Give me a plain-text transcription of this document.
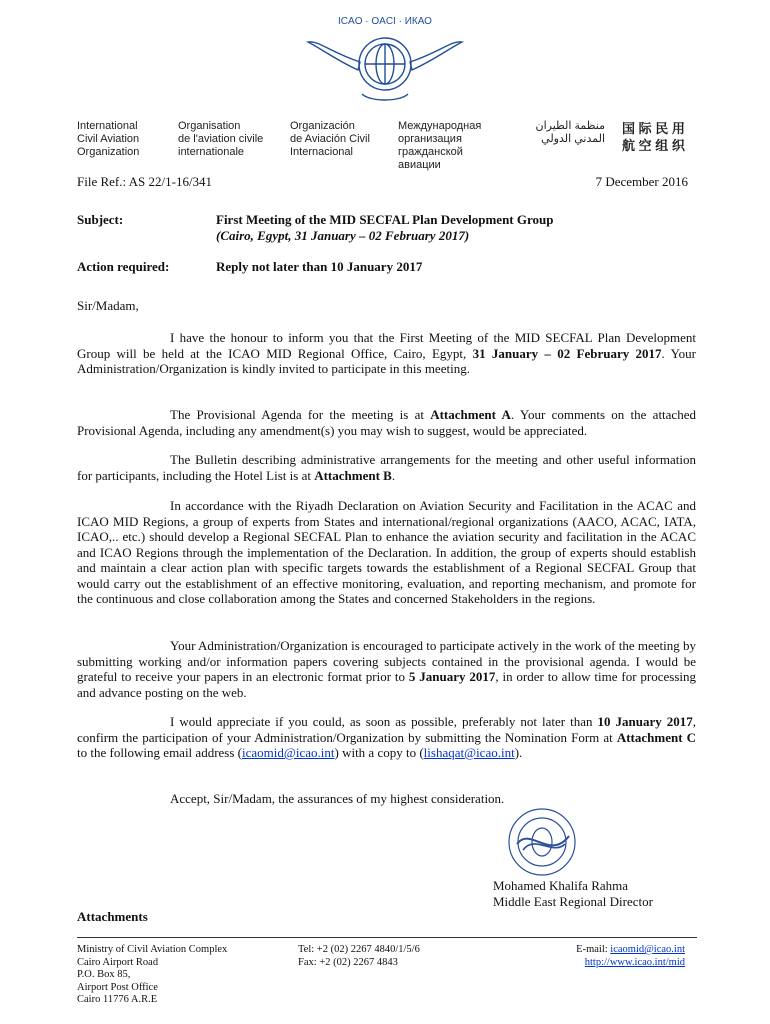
ICAO · OACI · ИКАО
International
Civil Aviation
Organization
Organisation
de l'aviation civile
internationale
Organización
de Aviación Civil
Internacional
Международная
организация
гражданской
авиации
منظمة الطيران
المدني الدولي
国 际 民 用
航 空 组 织
File Ref.: AS 22/1-16/341	7 December 2016
Subject:	First Meeting of the MID SECFAL Plan Development Group
(Cairo, Egypt, 31 January – 02 February 2017)
Action required:	Reply not later than 10 January 2017
Sir/Madam,
I have the honour to inform you that the First Meeting of the MID SECFAL Plan Development Group will be held at the ICAO MID Regional Office, Cairo, Egypt, 31 January – 02 February 2017. Your Administration/Organization is kindly invited to participate in this meeting.
The Provisional Agenda for the meeting is at Attachment A. Your comments on the attached Provisional Agenda, including any amendment(s) you may wish to suggest, would be appreciated.
The Bulletin describing administrative arrangements for the meeting and other useful information for participants, including the Hotel List is at Attachment B.
In accordance with the Riyadh Declaration on Aviation Security and Facilitation in the ACAC and ICAO MID Regions, a group of experts from States and international/regional organizations (AACO, ACAC, IATA, ICAO,.. etc.) should develop a Regional SECFAL Plan to enhance the aviation security and facilitation in the ACAC and ICAO Regions through the implementation of the Declaration. In addition, the group of experts should establish and maintain a clear action plan with specific targets towards the establishment of a Regional SECFAL Group that would carry out the establishment of an effective monitoring, evaluation, and reporting mechanism, and promote for the continuous and close collaboration among the States and concerned Stakeholders in the regions.
Your Administration/Organization is encouraged to participate actively in the work of the meeting by submitting working and/or information papers covering subjects contained in the provisional agenda. I would be grateful to receive your papers in an electronic format prior to 5 January 2017, in order to allow time for processing and advance posting on the web.
I would appreciate if you could, as soon as possible, preferably not later than 10 January 2017, confirm the participation of your Administration/Organization by submitting the Nomination Form at Attachment C to the following email address (icaomid@icao.int) with a copy to (lishaqat@icao.int).
Accept, Sir/Madam, the assurances of my highest consideration.
Mohamed Khalifa Rahma
Middle East Regional Director
Attachments
Ministry of Civil Aviation Complex
Cairo Airport Road
P.O. Box 85,
Airport Post Office
Cairo 11776 A.R.E
Tel: +2 (02) 2267 4840/1/5/6
Fax: +2 (02) 2267 4843
E-mail: icaomid@icao.int
http://www.icao.int/mid
